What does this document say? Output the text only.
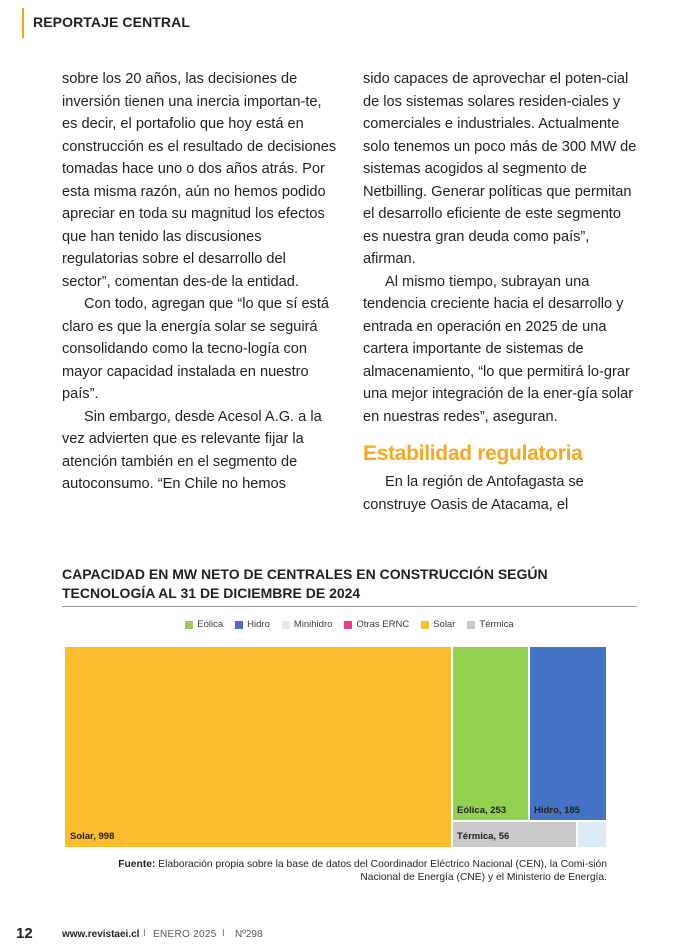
REPORTAJE CENTRAL

sobre los 20 años, las decisiones de inversión tienen una inercia importan-te, es decir, el portafolio que hoy está en construcción es el resultado de decisiones tomadas hace uno o dos años atrás. Por esta misma razón, aún no hemos podido apreciar en toda su magnitud los efectos que han tenido las discusiones regulatorias sobre el desarrollo del sector”, comentan des-de la entidad.

Con todo, agregan que “lo que sí está claro es que la energía solar se seguirá consolidando como la tecno-logía con mayor capacidad instalada en nuestro país”.

Sin embargo, desde Acesol A.G. a la vez advierten que es relevante fijar la atención también en el segmento de autoconsumo. “En Chile no hemos

sido capaces de aprovechar el poten-cial de los sistemas solares residen-ciales y comerciales e industriales. Actualmente solo tenemos un poco más de 300 MW de sistemas acogidos al segmento de Netbilling. Generar políticas que permitan el desarrollo eficiente de este segmento es nuestra gran deuda como país”, afirman.

Al mismo tiempo, subrayan una tendencia creciente hacia el desarrollo y entrada en operación en 2025 de una cartera importante de sistemas de almacenamiento, “lo que permitirá lo-grar una mejor integración de la ener-gía solar en nuestras redes”, aseguran.

Estabilidad regulatoria

En la región de Antofagasta se construye Oasis de Atacama, el

CAPACIDAD EN MW NETO DE CENTRALES EN CONSTRUCCIÓN SEGÚN TECNOLOGÍA AL 31 DE DICIEMBRE DE 2024
Eólica	Hidro	Minihidro	Otras ERNC	Solar	Térmica
Solar, 998
Eólica, 253	Hidro, 185
Térmica, 56
Fuente: Elaboración propia sobre la base de datos del Coordinador Eléctrico Nacional (CEN), la Comi-sión Nacional de Energía (CNE) y el Ministerio de Energía.
12	www.revistaei.cl I ENERO 2025 I Nº298
